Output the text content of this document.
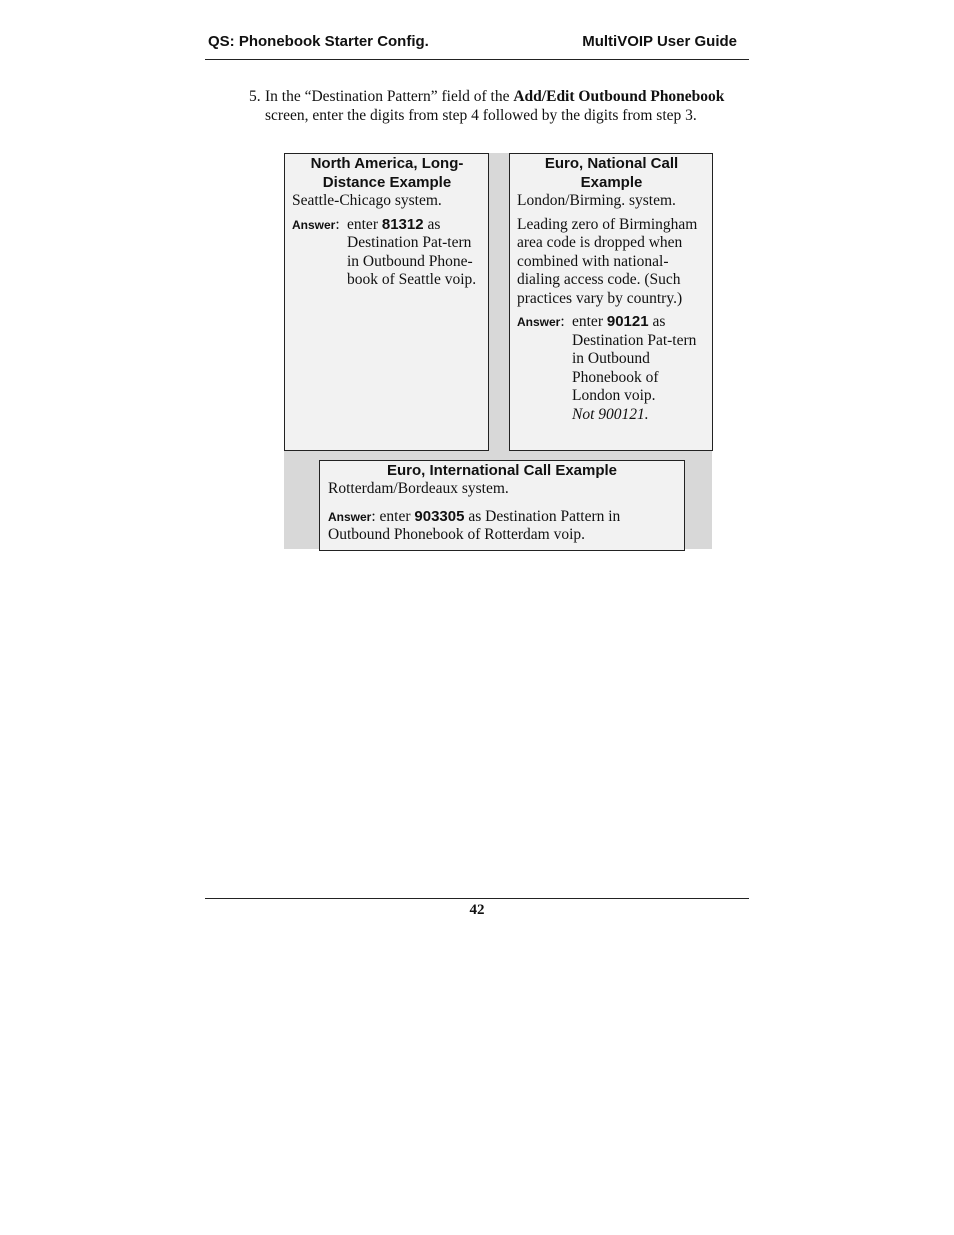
QS: Phonebook Starter Config.	MultiVOIP User Guide
5. In the “Destination Pattern” field of the Add/Edit Outbound Phonebook screen, enter the digits from step 4 followed by the digits from step 3.
North America, Long-Distance Example

Seattle-Chicago system.

Answer: enter 81312 as Destination Pat-tern in Outbound Phone-book of Seattle voip.
Euro, National Call Example

London/Birming. system.

Leading zero of Birmingham area code is dropped when combined with national-dialing access code. (Such practices vary by country.)

Answer: enter 90121 as Destination Pat-tern in Outbound Phonebook of London voip.
Not 900121.
Euro, International Call Example

Rotterdam/Bordeaux system.

Answer: enter 903305 as Destination Pattern in Outbound Phonebook of Rotterdam voip.

42
